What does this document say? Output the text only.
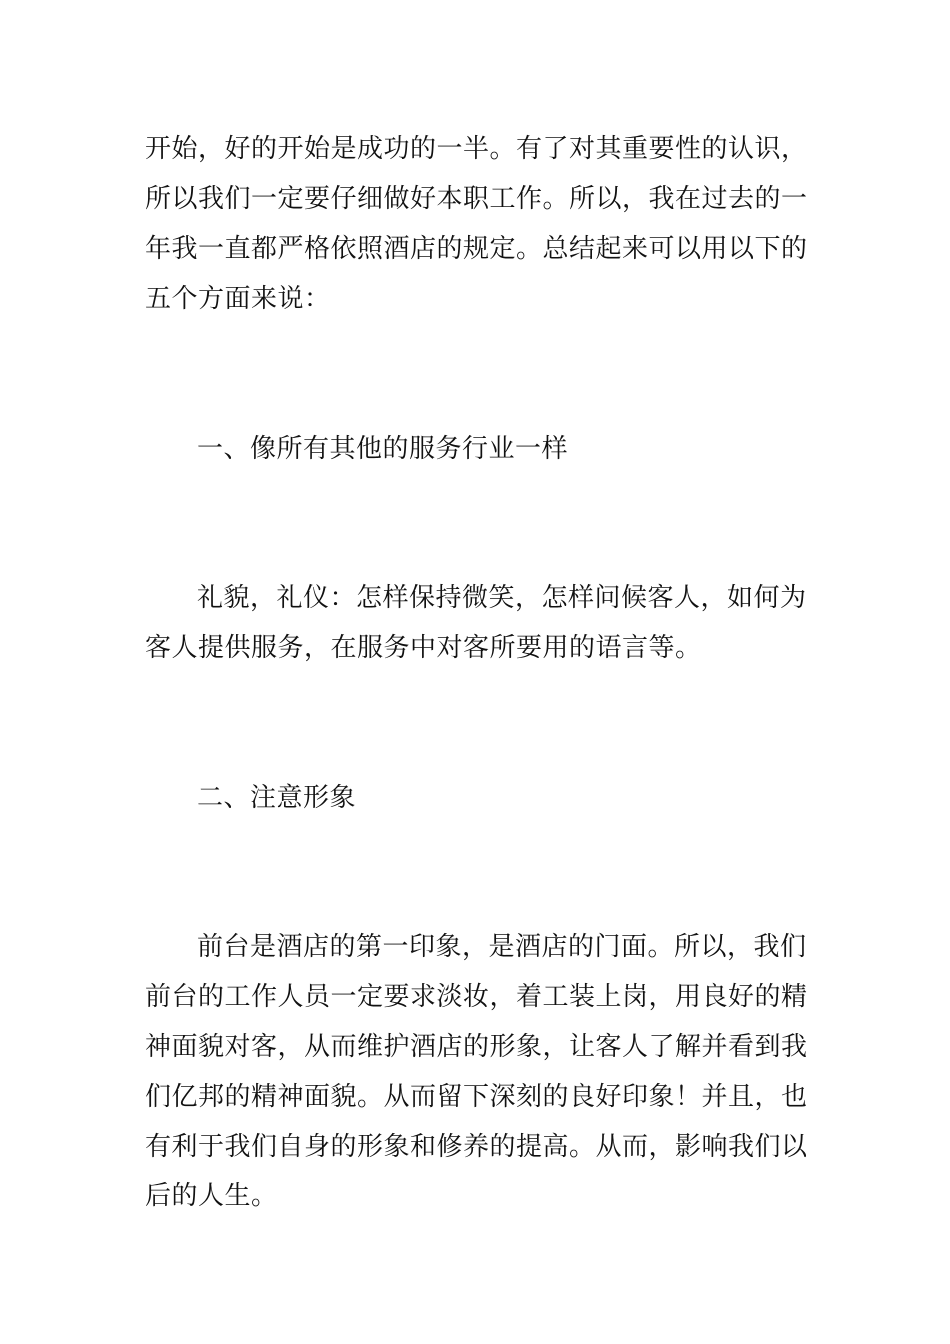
开始，好的开始是成功的一半。有了对其重要性的认识，
所以我们一定要仔细做好本职工作。所以，我在过去的一
年我一直都严格依照酒店的规定。总结起来可以用以下的
五个方面来说：
一、像所有其他的服务行业一样
礼貌，礼仪：怎样保持微笑，怎样问候客人，如何为
客人提供服务，在服务中对客所要用的语言等。
二、注意形象
前台是酒店的第一印象，是酒店的门面。所以，我们
前台的工作人员一定要求淡妆，着工装上岗，用良好的精
神面貌对客，从而维护酒店的形象，让客人了解并看到我
们亿邦的精神面貌。从而留下深刻的良好印象！并且，也
有利于我们自身的形象和修养的提高。从而，影响我们以
后的人生。
